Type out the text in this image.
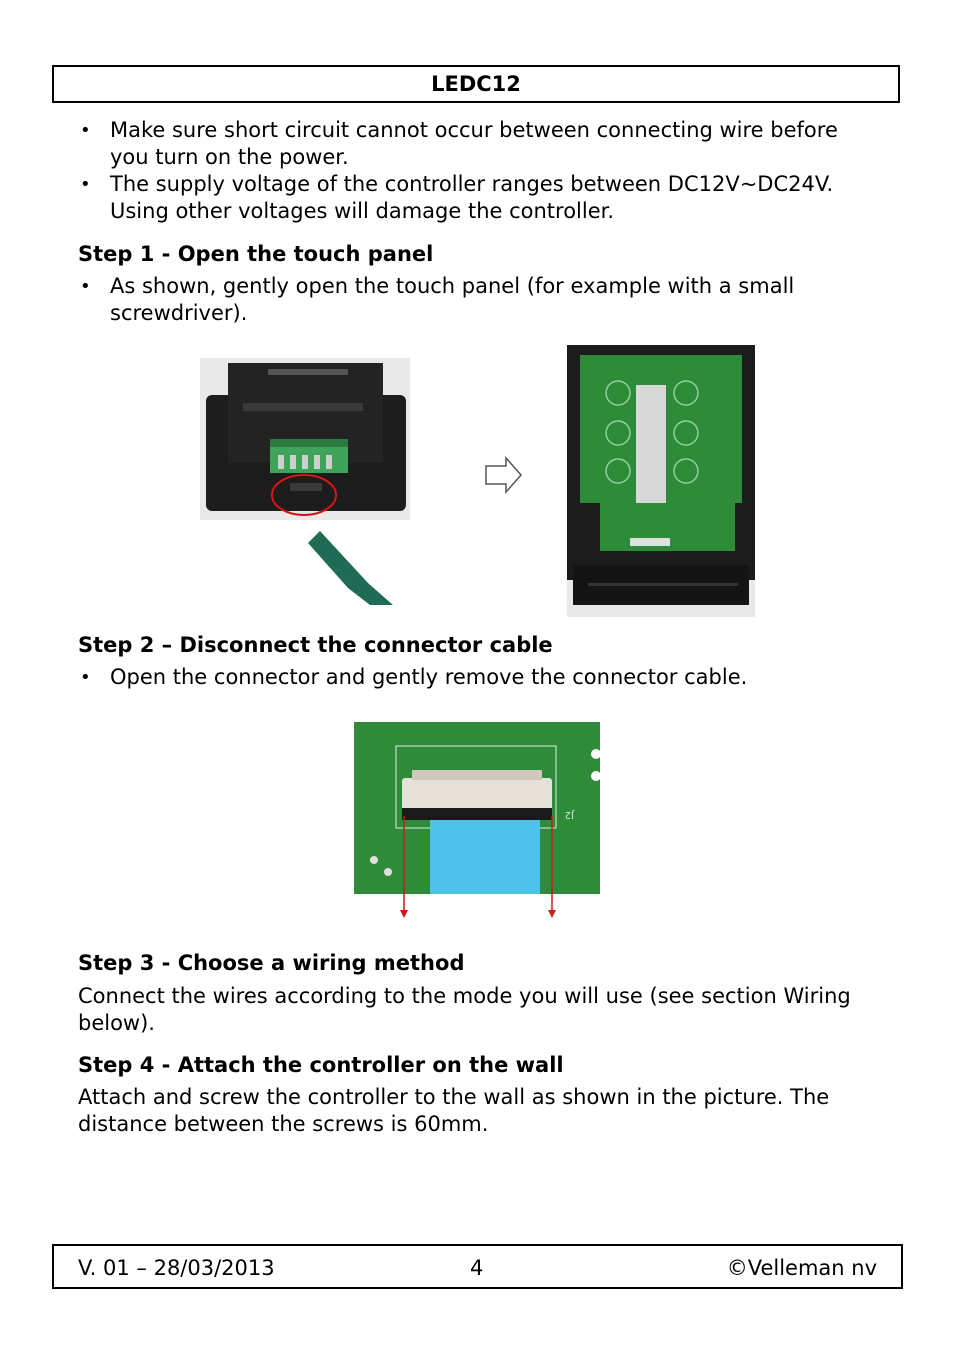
LEDC12
• Make sure short circuit cannot occur between connecting wire before you turn on the power.
• The supply voltage of the controller ranges between DC12V~DC24V. Using other voltages will damage the controller.
Step 1 - Open the touch panel
• As shown, gently open the touch panel (for example with a small screwdriver).
Step 2 – Disconnect the connector cable
• Open the connector and gently remove the connector cable.
J2
Step 3 - Choose a wiring method
Connect the wires according to the mode you will use (see section Wiring below).
Step 4 - Attach the controller on the wall
Attach and screw the controller to the wall as shown in the picture. The distance between the screws is 60mm.
V. 01 – 28/03/2013	4	©Velleman nv
